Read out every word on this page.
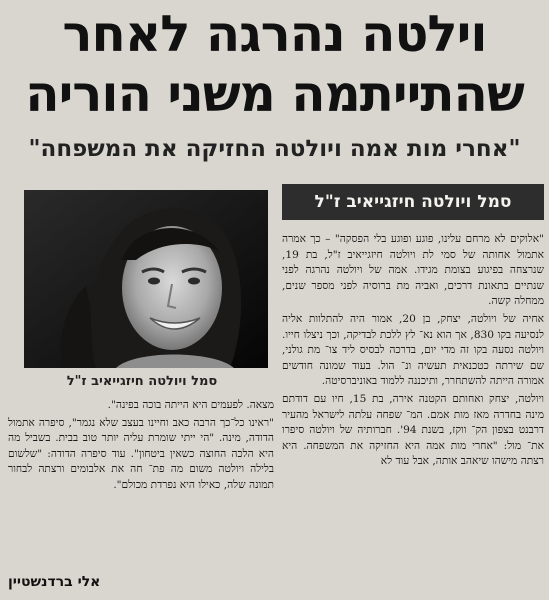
וילטה נהרגה לאחר
שהתייתמה משני הוריה
"אחרי מות אמה ויולטה החזיקה את המשפחה"
סמל ויולטה חיזגייאיב ז"ל
סמל ויולטה חיזגייאיב ז"ל

"אלוקים לא מרחם עלינו, פוגע ופוגע בלי הפסקה" – כך אמרה אתמול אחותה של סמי לת ויולטה חיזגייאיב ז"ל, בת 19, שנרצחה בפיגוע בצומת מגידו. אמה של ויולטה נהרגה לפני שנתיים בתאונת דרכים, ואביה מת ברוסיה לפני מספר שנים, ממחלה קשה.

אחיה של ויולטה, יצחק, בן 20, אמור היה להתלוות אליה לנסיעה בקו 830, אך הוא נא־ לץ ללכת לבדיקה, וכך ניצלו חייו. ויולטה נסעה בקו זה מדי יום, בדרכה לבסיס ליד צו־ מת גולני, שם שירתה כטכנאית תעשיה ונ־ הול. בעוד שמונה חודשים אמורה הייתה להשתחרר, ותיכננה ללמוד באוניברסיטה.

ויולטה, יצחק ואחותם הקטנה אירה, בת 15, חיו עם דודתם מינה בחדרה מאז מות אמם. המ־ שפחה עלתה לישראל מהעיר דרבנט בצפון הק־ ווקז, בשנת 94'. חברותיה של ויולטה סיפרו את־ מול: "אחרי מות אמה היא החזיקה את המשפחה. היא רצתה מישהו שיאהב אותה, אבל עוד לא

מצאה. לפעמים היא הייתה בוכה בפינה".

"ראינו כל־כך הרבה כאב וחיינו בעצב שלא נגמר", סיפרה אתמול הדודה, מינה. "הי ייתי שומרת עליה יותר טוב בבית. בשביל מה היא הלכה החוצה כשאין ביטחון". עוד סיפרה הדודה: "שלשום בלילה ויולטה משום מה פת־ חה את אלבומים ורצתה לבחור תמונה שלה, כאילו היא נפרדת מכולם".

אלי ברדנשטיין
